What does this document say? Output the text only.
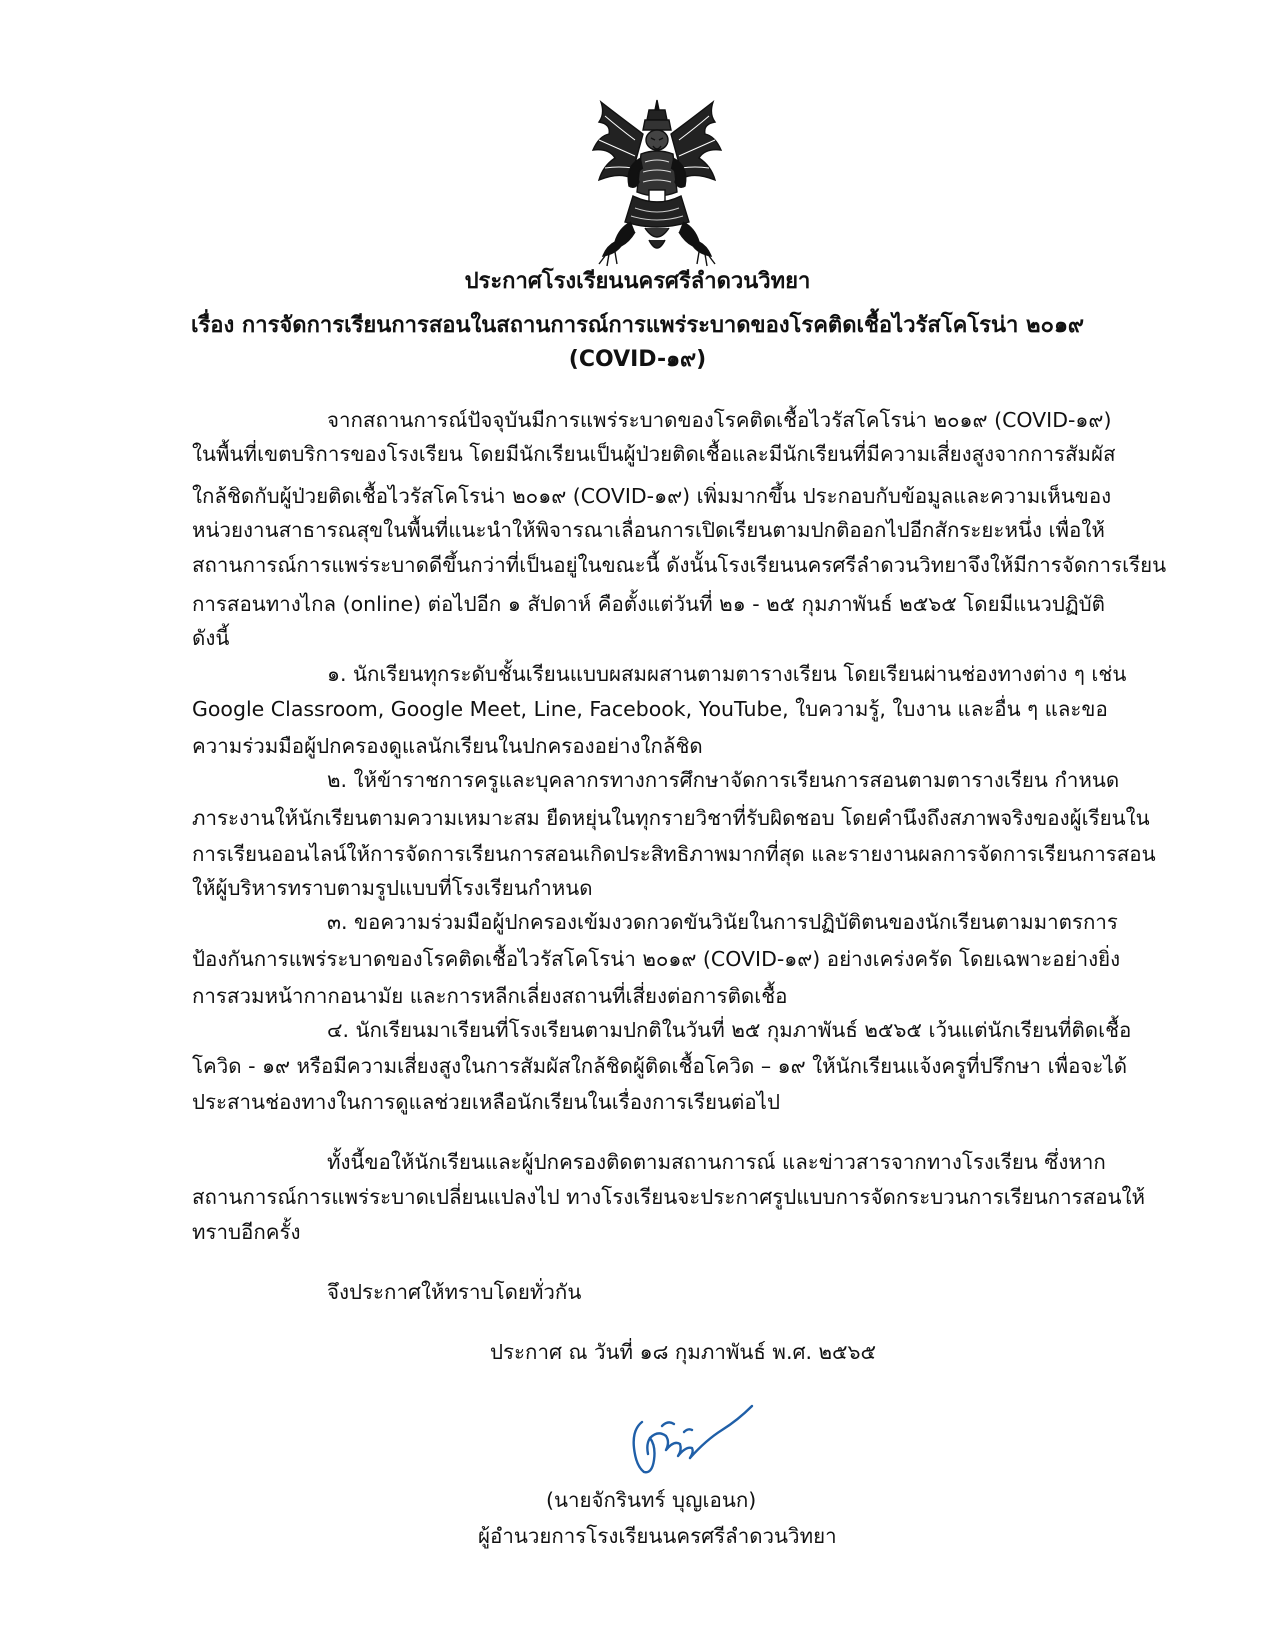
ประกาศโรงเรียนนครศรีลำดวนวิทยา
เรื่อง การจัดการเรียนการสอนในสถานการณ์การแพร่ระบาดของโรคติดเชื้อไวรัสโคโรน่า ๒๐๑๙
(COVID-๑๙)
จากสถานการณ์ปัจจุบันมีการแพร่ระบาดของโรคติดเชื้อไวรัสโคโรน่า ๒๐๑๙ (COVID-๑๙)
ในพื้นที่เขตบริการของโรงเรียน โดยมีนักเรียนเป็นผู้ป่วยติดเชื้อและมีนักเรียนที่มีความเสี่ยงสูงจากการสัมผัส
ใกล้ชิดกับผู้ป่วยติดเชื้อไวรัสโคโรน่า ๒๐๑๙ (COVID-๑๙) เพิ่มมากขึ้น ประกอบกับข้อมูลและความเห็นของ
หน่วยงานสาธารณสุขในพื้นที่แนะนำให้พิจารณาเลื่อนการเปิดเรียนตามปกติออกไปอีกสักระยะหนึ่ง เพื่อให้
สถานการณ์การแพร่ระบาดดีขึ้นกว่าที่เป็นอยู่ในขณะนี้ ดังนั้นโรงเรียนนครศรีลำดวนวิทยาจึงให้มีการจัดการเรียน
การสอนทางไกล (online) ต่อไปอีก ๑ สัปดาห์ คือตั้งแต่วันที่ ๒๑ - ๒๕ กุมภาพันธ์ ๒๕๖๕ โดยมีแนวปฏิบัติ
ดังนี้
๑. นักเรียนทุกระดับชั้นเรียนแบบผสมผสานตามตารางเรียน โดยเรียนผ่านช่องทางต่าง ๆ เช่น
Google Classroom, Google Meet, Line, Facebook, YouTube, ใบความรู้, ใบงาน และอื่น ๆ และขอ
ความร่วมมือผู้ปกครองดูแลนักเรียนในปกครองอย่างใกล้ชิด
๒. ให้ข้าราชการครูและบุคลากรทางการศึกษาจัดการเรียนการสอนตามตารางเรียน กำหนด
ภาระงานให้นักเรียนตามความเหมาะสม ยืดหยุ่นในทุกรายวิชาที่รับผิดชอบ โดยคำนึงถึงสภาพจริงของผู้เรียนใน
การเรียนออนไลน์ให้การจัดการเรียนการสอนเกิดประสิทธิภาพมากที่สุด และรายงานผลการจัดการเรียนการสอน
ให้ผู้บริหารทราบตามรูปแบบที่โรงเรียนกำหนด
๓. ขอความร่วมมือผู้ปกครองเข้มงวดกวดขันวินัยในการปฏิบัติตนของนักเรียนตามมาตรการ
ป้องกันการแพร่ระบาดของโรคติดเชื้อไวรัสโคโรน่า ๒๐๑๙ (COVID-๑๙) อย่างเคร่งครัด โดยเฉพาะอย่างยิ่ง
การสวมหน้ากากอนามัย และการหลีกเลี่ยงสถานที่เสี่ยงต่อการติดเชื้อ
๔. นักเรียนมาเรียนที่โรงเรียนตามปกติในวันที่ ๒๕ กุมภาพันธ์ ๒๕๖๕ เว้นแต่นักเรียนที่ติดเชื้อ
โควิด - ๑๙ หรือมีความเสี่ยงสูงในการสัมผัสใกล้ชิดผู้ติดเชื้อโควิด – ๑๙ ให้นักเรียนแจ้งครูที่ปรึกษา เพื่อจะได้
ประสานช่องทางในการดูแลช่วยเหลือนักเรียนในเรื่องการเรียนต่อไป
ทั้งนี้ขอให้นักเรียนและผู้ปกครองติดตามสถานการณ์ และข่าวสารจากทางโรงเรียน ซึ่งหาก
สถานการณ์การแพร่ระบาดเปลี่ยนแปลงไป ทางโรงเรียนจะประกาศรูปแบบการจัดกระบวนการเรียนการสอนให้
ทราบอีกครั้ง
จึงประกาศให้ทราบโดยทั่วกัน
ประกาศ ณ วันที่ ๑๘ กุมภาพันธ์ พ.ศ. ๒๕๖๕
(นายจักรินทร์ บุญเอนก)
ผู้อำนวยการโรงเรียนนครศรีลำดวนวิทยา
